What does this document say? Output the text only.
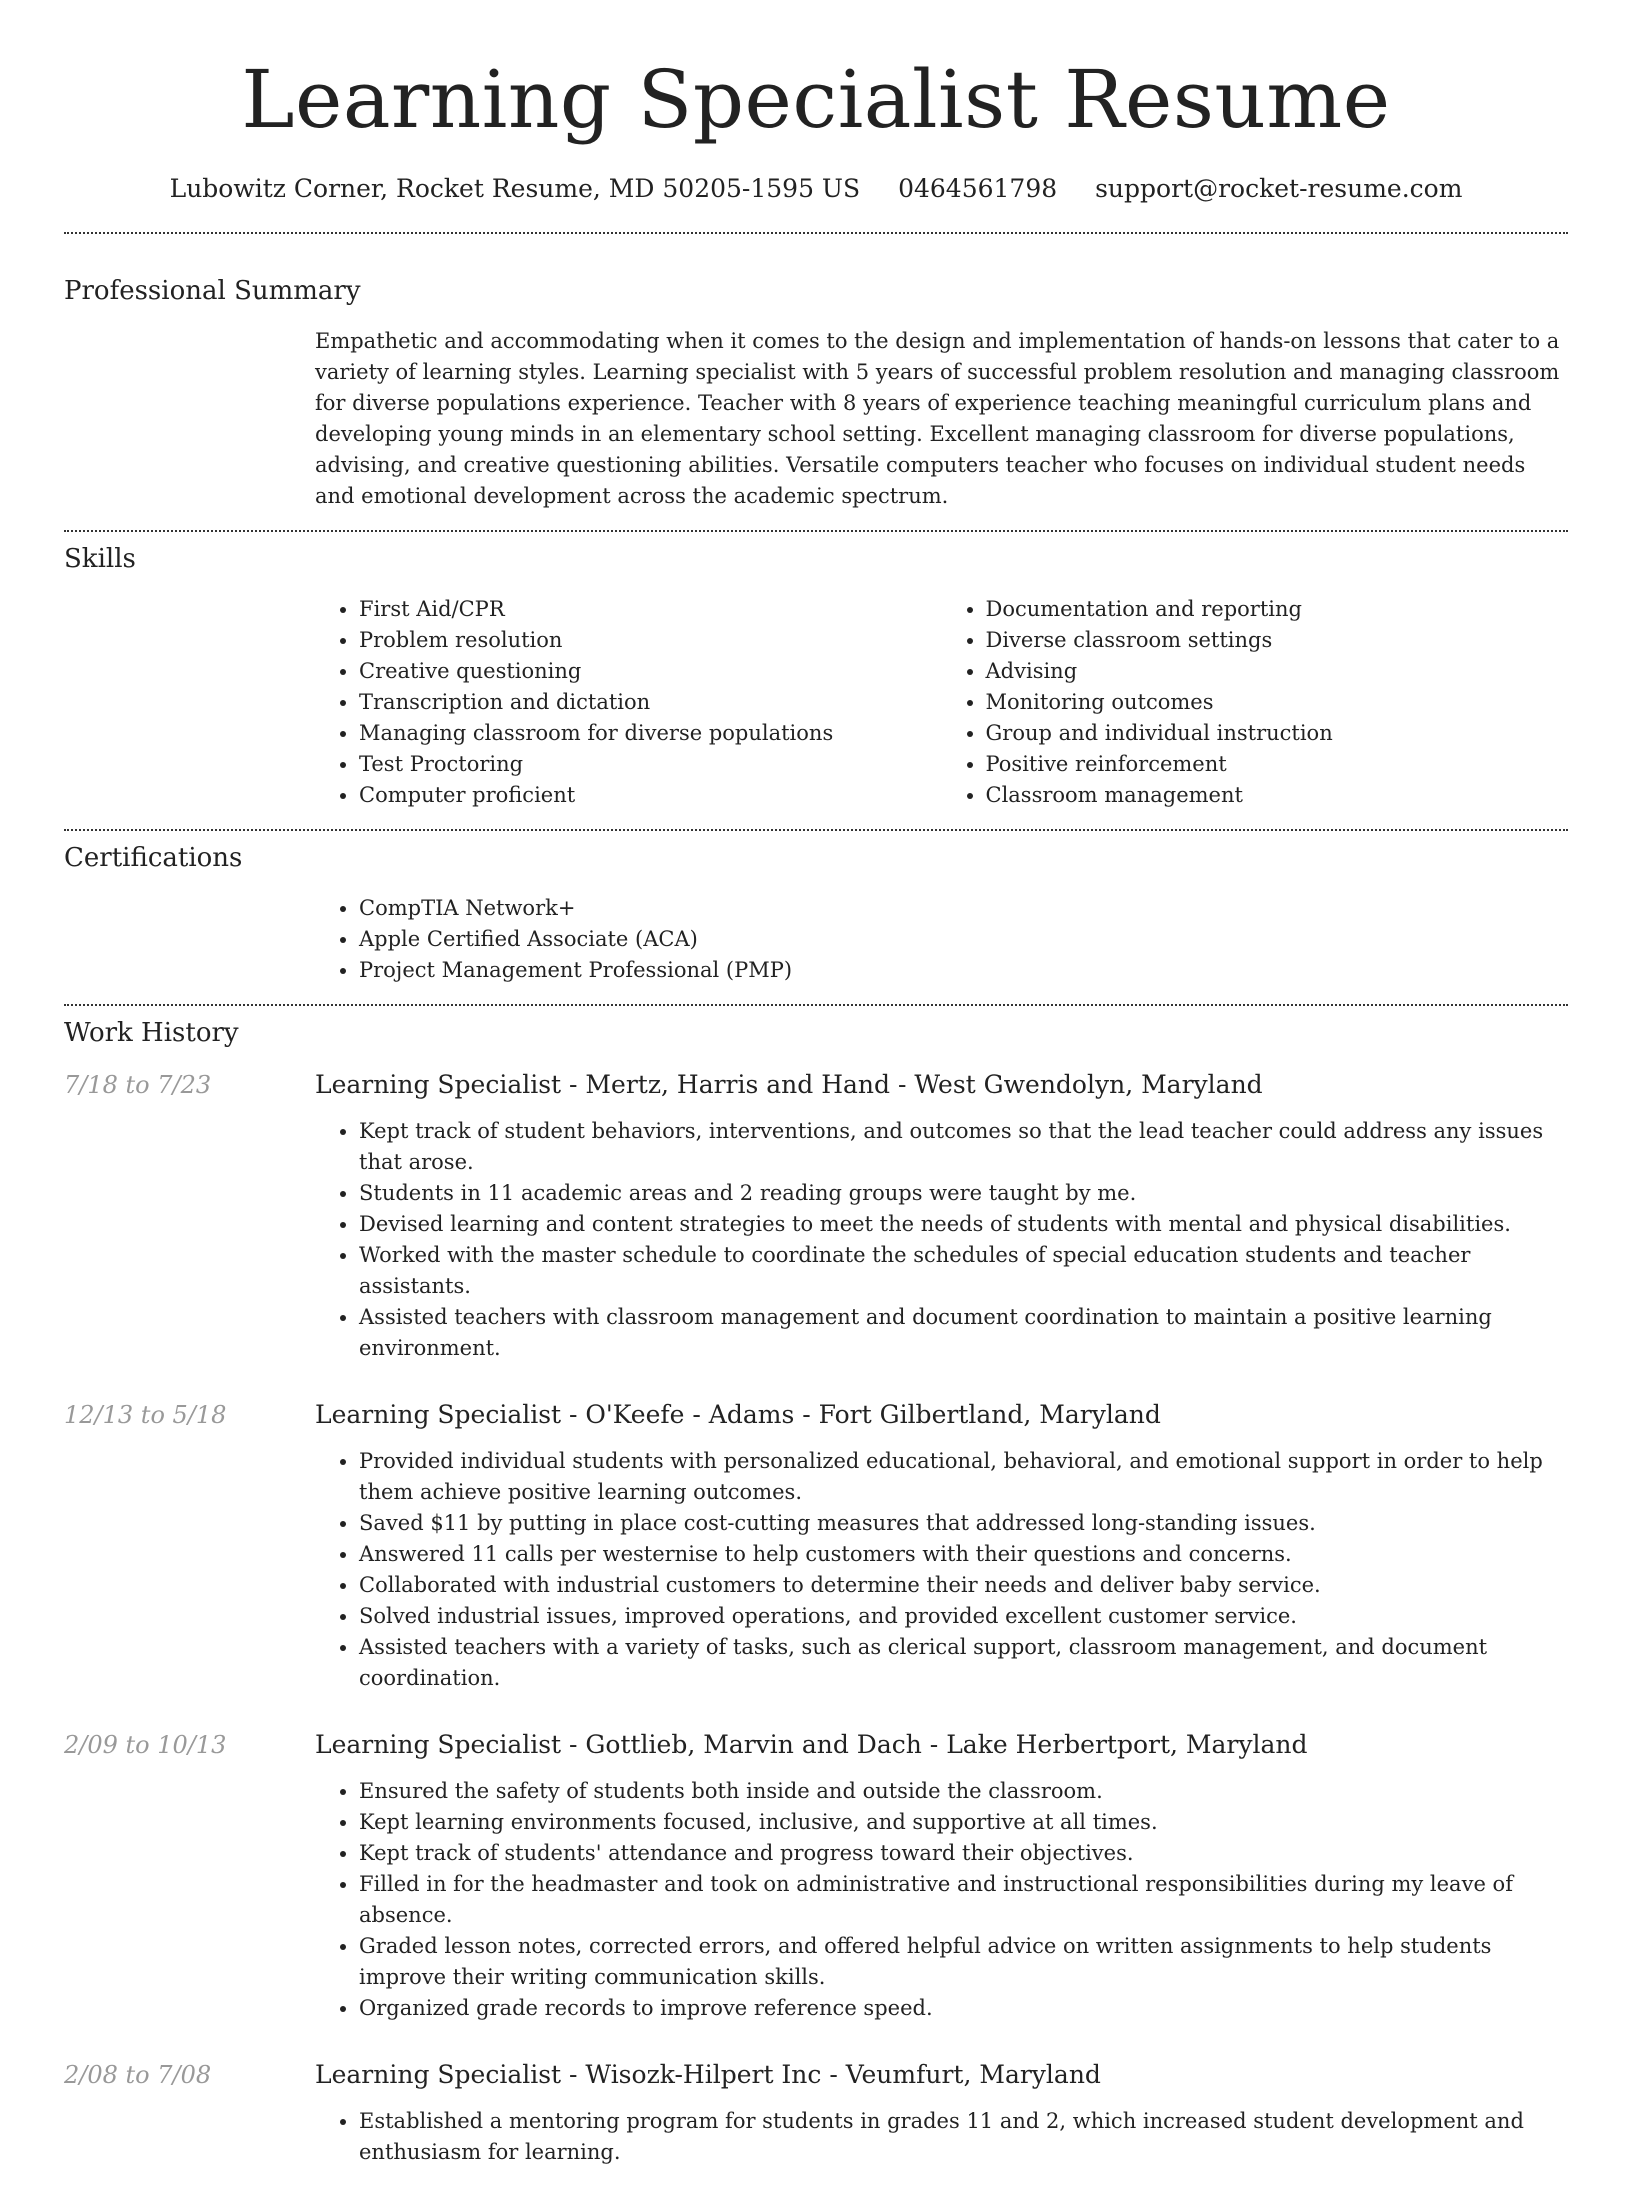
Learning Specialist Resume
Lubowitz Corner, Rocket Resume, MD 50205-1595 US 0464561798 support@rocket-resume.com
Professional Summary

Empathetic and accommodating when it comes to the design and implementation of hands-on lessons that cater to a variety of learning styles. Learning specialist with 5 years of successful problem resolution and managing classroom for diverse populations experience. Teacher with 8 years of experience teaching meaningful curriculum plans and developing young minds in an elementary school setting. Excellent managing classroom for diverse populations, advising, and creative questioning abilities. Versatile computers teacher who focuses on individual student needs and emotional development across the academic spectrum.

Skills
• First Aid/CPR
• Problem resolution
• Creative questioning
• Transcription and dictation
• Managing classroom for diverse populations
• Test Proctoring
• Computer proficient
• Documentation and reporting
• Diverse classroom settings
• Advising
• Monitoring outcomes
• Group and individual instruction
• Positive reinforcement
• Classroom management
Certifications
• CompTIA Network+
• Apple Certified Associate (ACA)
• Project Management Professional (PMP)
Work History
7/18 to 7/23	Learning Specialist - Mertz, Harris and Hand - West Gwendolyn, Maryland
• Kept track of student behaviors, interventions, and outcomes so that the lead teacher could address any issues that arose.
• Students in 11 academic areas and 2 reading groups were taught by me.
• Devised learning and content strategies to meet the needs of students with mental and physical disabilities.
• Worked with the master schedule to coordinate the schedules of special education students and teacher assistants.
• Assisted teachers with classroom management and document coordination to maintain a positive learning environment.
12/13 to 5/18	Learning Specialist - O'Keefe - Adams - Fort Gilbertland, Maryland
• Provided individual students with personalized educational, behavioral, and emotional support in order to help them achieve positive learning outcomes.
• Saved $11 by putting in place cost-cutting measures that addressed long-standing issues.
• Answered 11 calls per westernise to help customers with their questions and concerns.
• Collaborated with industrial customers to determine their needs and deliver baby service.
• Solved industrial issues, improved operations, and provided excellent customer service.
• Assisted teachers with a variety of tasks, such as clerical support, classroom management, and document coordination.
2/09 to 10/13	Learning Specialist - Gottlieb, Marvin and Dach - Lake Herbertport, Maryland
• Ensured the safety of students both inside and outside the classroom.
• Kept learning environments focused, inclusive, and supportive at all times.
• Kept track of students' attendance and progress toward their objectives.
• Filled in for the headmaster and took on administrative and instructional responsibilities during my leave of absence.
• Graded lesson notes, corrected errors, and offered helpful advice on written assignments to help students improve their writing communication skills.
• Organized grade records to improve reference speed.
2/08 to 7/08	Learning Specialist - Wisozk-Hilpert Inc - Veumfurt, Maryland
• Established a mentoring program for students in grades 11 and 2, which increased student development and enthusiasm for learning.
